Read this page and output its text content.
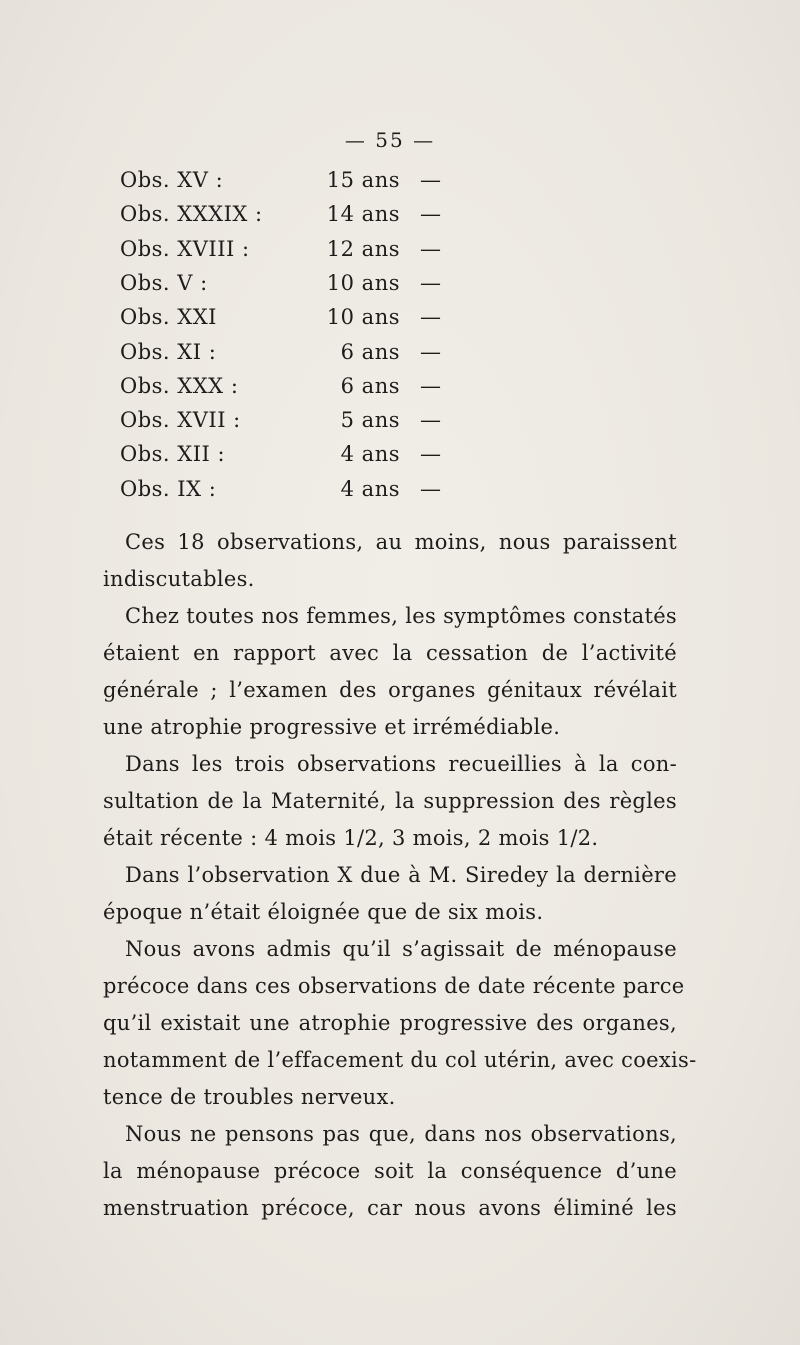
— 55 —
Obs. XV :	15 ans —
Obs. XXXIX :	14 ans —
Obs. XVIII :	12 ans —
Obs. V :	10 ans —
Obs. XXI	10 ans —
Obs. XI :	6 ans —
Obs. XXX :	6 ans —
Obs. XVII :	5 ans —
Obs. XII :	4 ans —
Obs. IX :	4 ans —
Ces 18 observations, au moins, nous paraissent
indiscutables.
Chez toutes nos femmes, les symptômes constatés
étaient en rapport avec la cessation de l’activité
générale ; l’examen des organes génitaux révélait
une atrophie progressive et irrémédiable.
Dans les trois observations recueillies à la con-
sultation de la Maternité, la suppression des règles
était récente : 4 mois 1/2, 3 mois, 2 mois 1/2.
Dans l’observation X due à M. Siredey la dernière
époque n’était éloignée que de six mois.
Nous avons admis qu’il s’agissait de ménopause
précoce dans ces observations de date récente parce
qu’il existait une atrophie progressive des organes,
notamment de l’effacement du col utérin, avec coexis-
tence de troubles nerveux.
Nous ne pensons pas que, dans nos observations,
la ménopause précoce soit la conséquence d’une
menstruation précoce, car nous avons éliminé les
